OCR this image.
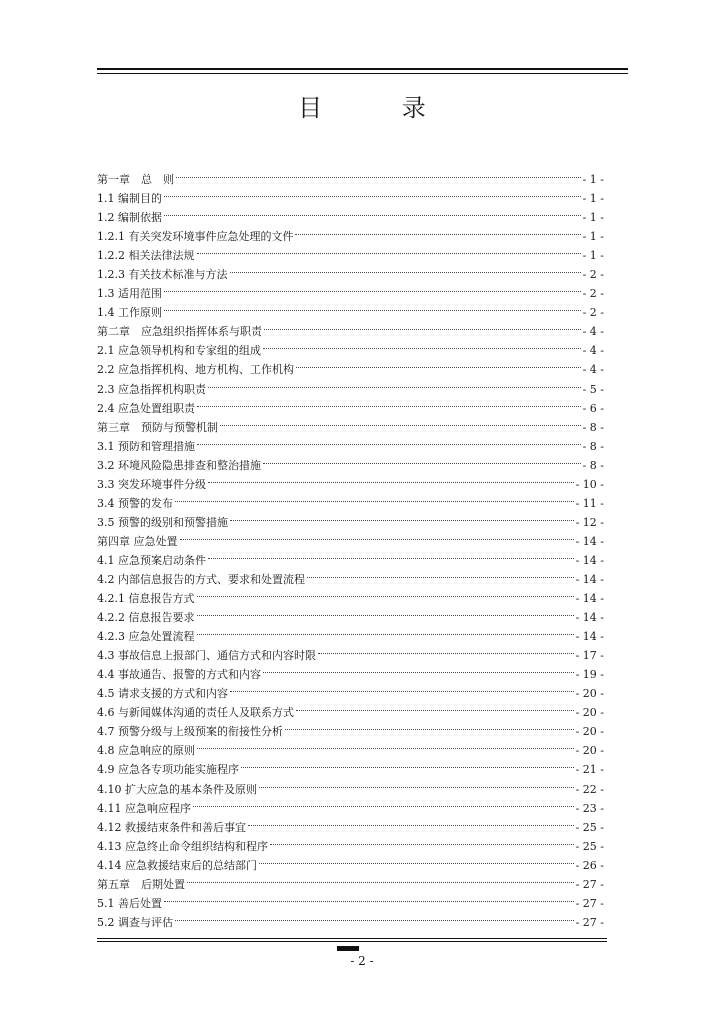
目 录
第一章　总　则	- 1 -
1.1 编制目的	- 1 -
1.2 编制依据	- 1 -
1.2.1 有关突发环境事件应急处理的文件	- 1 -
1.2.2 相关法律法规	- 1 -
1.2.3 有关技术标准与方法	- 2 -
1.3 适用范围	- 2 -
1.4 工作原则	- 2 -
第二章　应急组织指挥体系与职责	- 4 -
2.1 应急领导机构和专家组的组成	- 4 -
2.2 应急指挥机构、地方机构、工作机构	- 4 -
2.3 应急指挥机构职责	- 5 -
2.4 应急处置组职责	- 6 -
第三章　预防与预警机制	- 8 -
3.1 预防和管理措施	- 8 -
3.2 环境风险隐患排查和整治措施	- 8 -
3.3 突发环境事件分级	- 10 -
3.4 预警的发布	- 11 -
3.5 预警的级别和预警措施	- 12 -
第四章 应急处置	- 14 -
4.1 应急预案启动条件	- 14 -
4.2 内部信息报告的方式、要求和处置流程	- 14 -
4.2.1 信息报告方式	- 14 -
4.2.2 信息报告要求	- 14 -
4.2.3 应急处置流程	- 14 -
4.3 事故信息上报部门、通信方式和内容时限	- 17 -
4.4 事故通告、报警的方式和内容	- 19 -
4.5 请求支援的方式和内容	- 20 -
4.6 与新闻媒体沟通的责任人及联系方式	- 20 -
4.7 预警分级与上级预案的衔接性分析	- 20 -
4.8 应急响应的原则	- 20 -
4.9 应急各专项功能实施程序	- 21 -
4.10 扩大应急的基本条件及原则	- 22 -
4.11 应急响应程序	- 23 -
4.12 救援结束条件和善后事宜	- 25 -
4.13 应急终止命令组织结构和程序	- 25 -
4.14 应急救援结束后的总结部门	- 26 -
第五章　后期处置	- 27 -
5.1 善后处置	- 27 -
5.2 调查与评估	- 27 -
- 2 -
